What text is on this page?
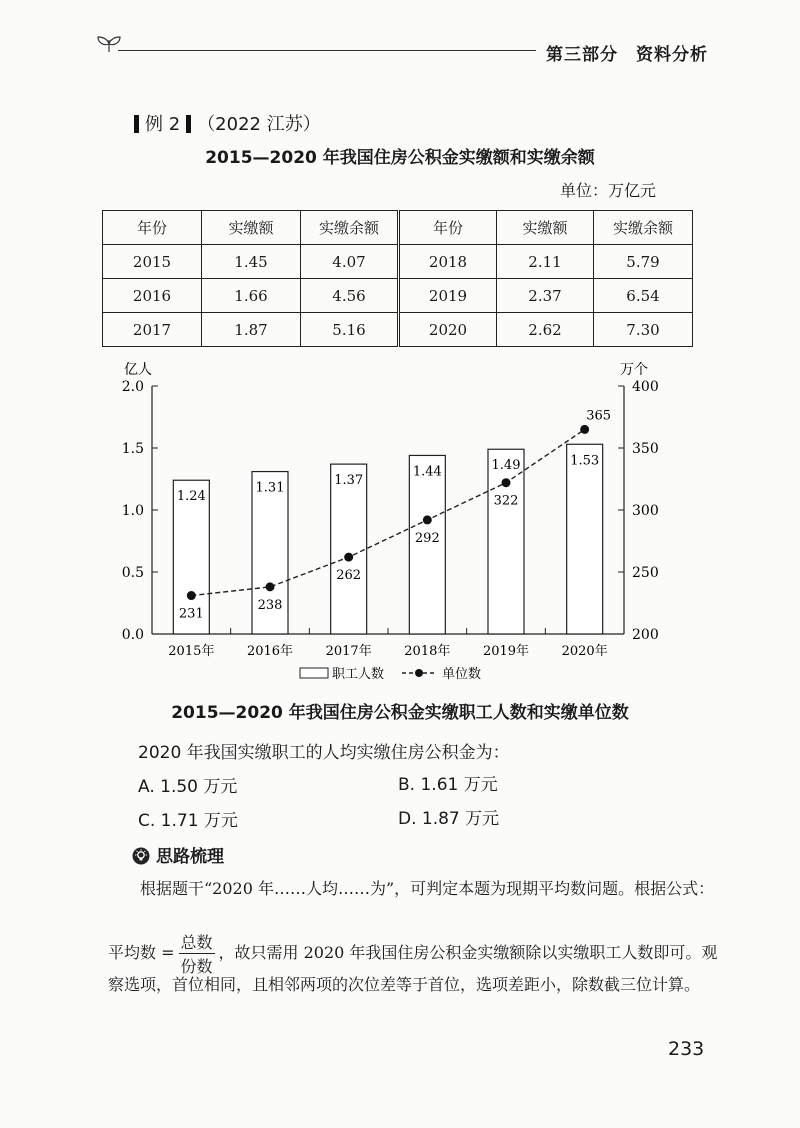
第三部分　资料分析
例 2 （2022 江苏）
2015—2020 年我国住房公积金实缴额和实缴余额
单位：万亿元
年份	实缴额	实缴余额	年份	实缴额	实缴余额
2015	1.45	4.07	2018	2.11	5.79
2016	1.66	4.56	2019	2.37	6.54
2017	1.87	5.16	2020	2.62	7.30
0.0
0.5
1.0
1.5
2.0
200
250
300
350
400
亿人	万个
1.24
1.31	1.37
1.44	1.49	1.53
2015年	2016年	2017年	2018年	2019年	2020年
231
238
262
292
322
365
职工人数	单位数
2015—2020 年我国住房公积金实缴职工人数和实缴单位数
2020 年我国实缴职工的人均实缴住房公积金为：
A. 1.50 万元	B. 1.61 万元
C. 1.71 万元	D. 1.87 万元
思路梳理
根据题干“2020 年……人均……为”，可判定本题为现期平均数问题。根据公式：
平均数 = $\frac{\text{总数}}{\text{份数}}$ ，故只需用 2020 年我国住房公积金实缴额除以实缴职工人数即可。观
察选项，首位相同，且相邻两项的次位差等于首位，选项差距小，除数截三位计算。
233
